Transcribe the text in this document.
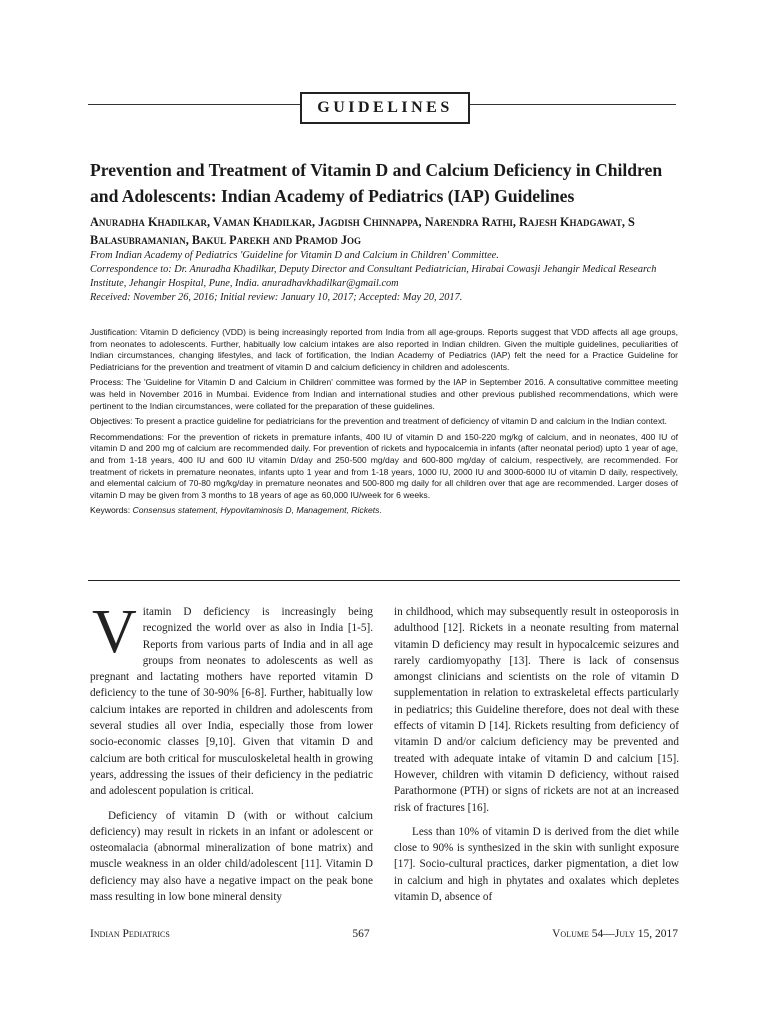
GUIDELINES
Prevention and Treatment of Vitamin D and Calcium Deficiency in Children and Adolescents: Indian Academy of Pediatrics (IAP) Guidelines

Anuradha Khadilkar, Vaman Khadilkar, Jagdish Chinnappa, Narendra Rathi, Rajesh Khadgawat, S Balasubramanian, Bakul Parekh and Pramod Jog

From Indian Academy of Pediatrics 'Guideline for Vitamin D and Calcium in Children' Committee.

Correspondence to: Dr. Anuradha Khadilkar, Deputy Director and Consultant Pediatrician, Hirabai Cowasji Jehangir Medical Research Institute, Jehangir Hospital, Pune, India. anuradhavkhadilkar@gmail.com

Received: November 26, 2016; Initial review: January 10, 2017; Accepted: May 20, 2017.

Justification: Vitamin D deficiency (VDD) is being increasingly reported from India from all age-groups. Reports suggest that VDD affects all age groups, from neonates to adolescents. Further, habitually low calcium intakes are also reported in Indian children. Given the multiple guidelines, peculiarities of Indian circumstances, changing lifestyles, and lack of fortification, the Indian Academy of Pediatrics (IAP) felt the need for a Practice Guideline for Pediatricians for the prevention and treatment of vitamin D and calcium deficiency in children and adolescents.

Process: The 'Guideline for Vitamin D and Calcium in Children' committee was formed by the IAP in September 2016. A consultative committee meeting was held in November 2016 in Mumbai. Evidence from Indian and international studies and other previous published recommendations, which were pertinent to the Indian circumstances, were collated for the preparation of these guidelines.

Objectives: To present a practice guideline for pediatricians for the prevention and treatment of deficiency of vitamin D and calcium in the Indian context.

Recommendations: For the prevention of rickets in premature infants, 400 IU of vitamin D and 150-220 mg/kg of calcium, and in neonates, 400 IU of vitamin D and 200 mg of calcium are recommended daily. For prevention of rickets and hypocalcemia in infants (after neonatal period) upto 1 year of age, and from 1-18 years, 400 IU and 600 IU vitamin D/day and 250-500 mg/day and 600-800 mg/day of calcium, respectively, are recommended. For treatment of rickets in premature neonates, infants upto 1 year and from 1-18 years, 1000 IU, 2000 IU and 3000-6000 IU of vitamin D daily, respectively, and elemental calcium of 70-80 mg/kg/day in premature neonates and 500-800 mg daily for all children over that age are recommended. Larger doses of vitamin D may be given from 3 months to 18 years of age as 60,000 IU/week for 6 weeks.

Keywords: Consensus statement, Hypovitaminosis D, Management, Rickets.

Vitamin D deficiency is increasingly being recognized the world over as also in India [1-5]. Reports from various parts of India and in all age groups from neonates to adolescents as well as pregnant and lactating mothers have reported vitamin D deficiency to the tune of 30-90% [6-8]. Further, habitually low calcium intakes are reported in children and adolescents from several studies all over India, especially those from lower socio-economic classes [9,10]. Given that vitamin D and calcium are both critical for musculoskeletal health in growing years, addressing the issues of their deficiency in the pediatric and adolescent population is critical.

Deficiency of vitamin D (with or without calcium deficiency) may result in rickets in an infant or adolescent or osteomalacia (abnormal mineralization of bone matrix) and muscle weakness in an older child/adolescent [11]. Vitamin D deficiency may also have a negative impact on the peak bone mass resulting in low bone mineral density

in childhood, which may subsequently result in osteoporosis in adulthood [12]. Rickets in a neonate resulting from maternal vitamin D deficiency may result in hypocalcemic seizures and rarely cardiomyopathy [13]. There is lack of consensus amongst clinicians and scientists on the role of vitamin D supplementation in relation to extraskeletal effects particularly in pediatrics; this Guideline therefore, does not deal with these effects of vitamin D [14]. Rickets resulting from deficiency of vitamin D and/or calcium deficiency may be prevented and treated with adequate intake of vitamin D and calcium [15]. However, children with vitamin D deficiency, without raised Parathormone (PTH) or signs of rickets are not at an increased risk of fractures [16].

Less than 10% of vitamin D is derived from the diet while close to 90% is synthesized in the skin with sunlight exposure [17]. Socio-cultural practices, darker pigmentation, a diet low in calcium and high in phytates and oxalates which depletes vitamin D, absence of

Indian Pediatrics	567	Volume 54—July 15, 2017
